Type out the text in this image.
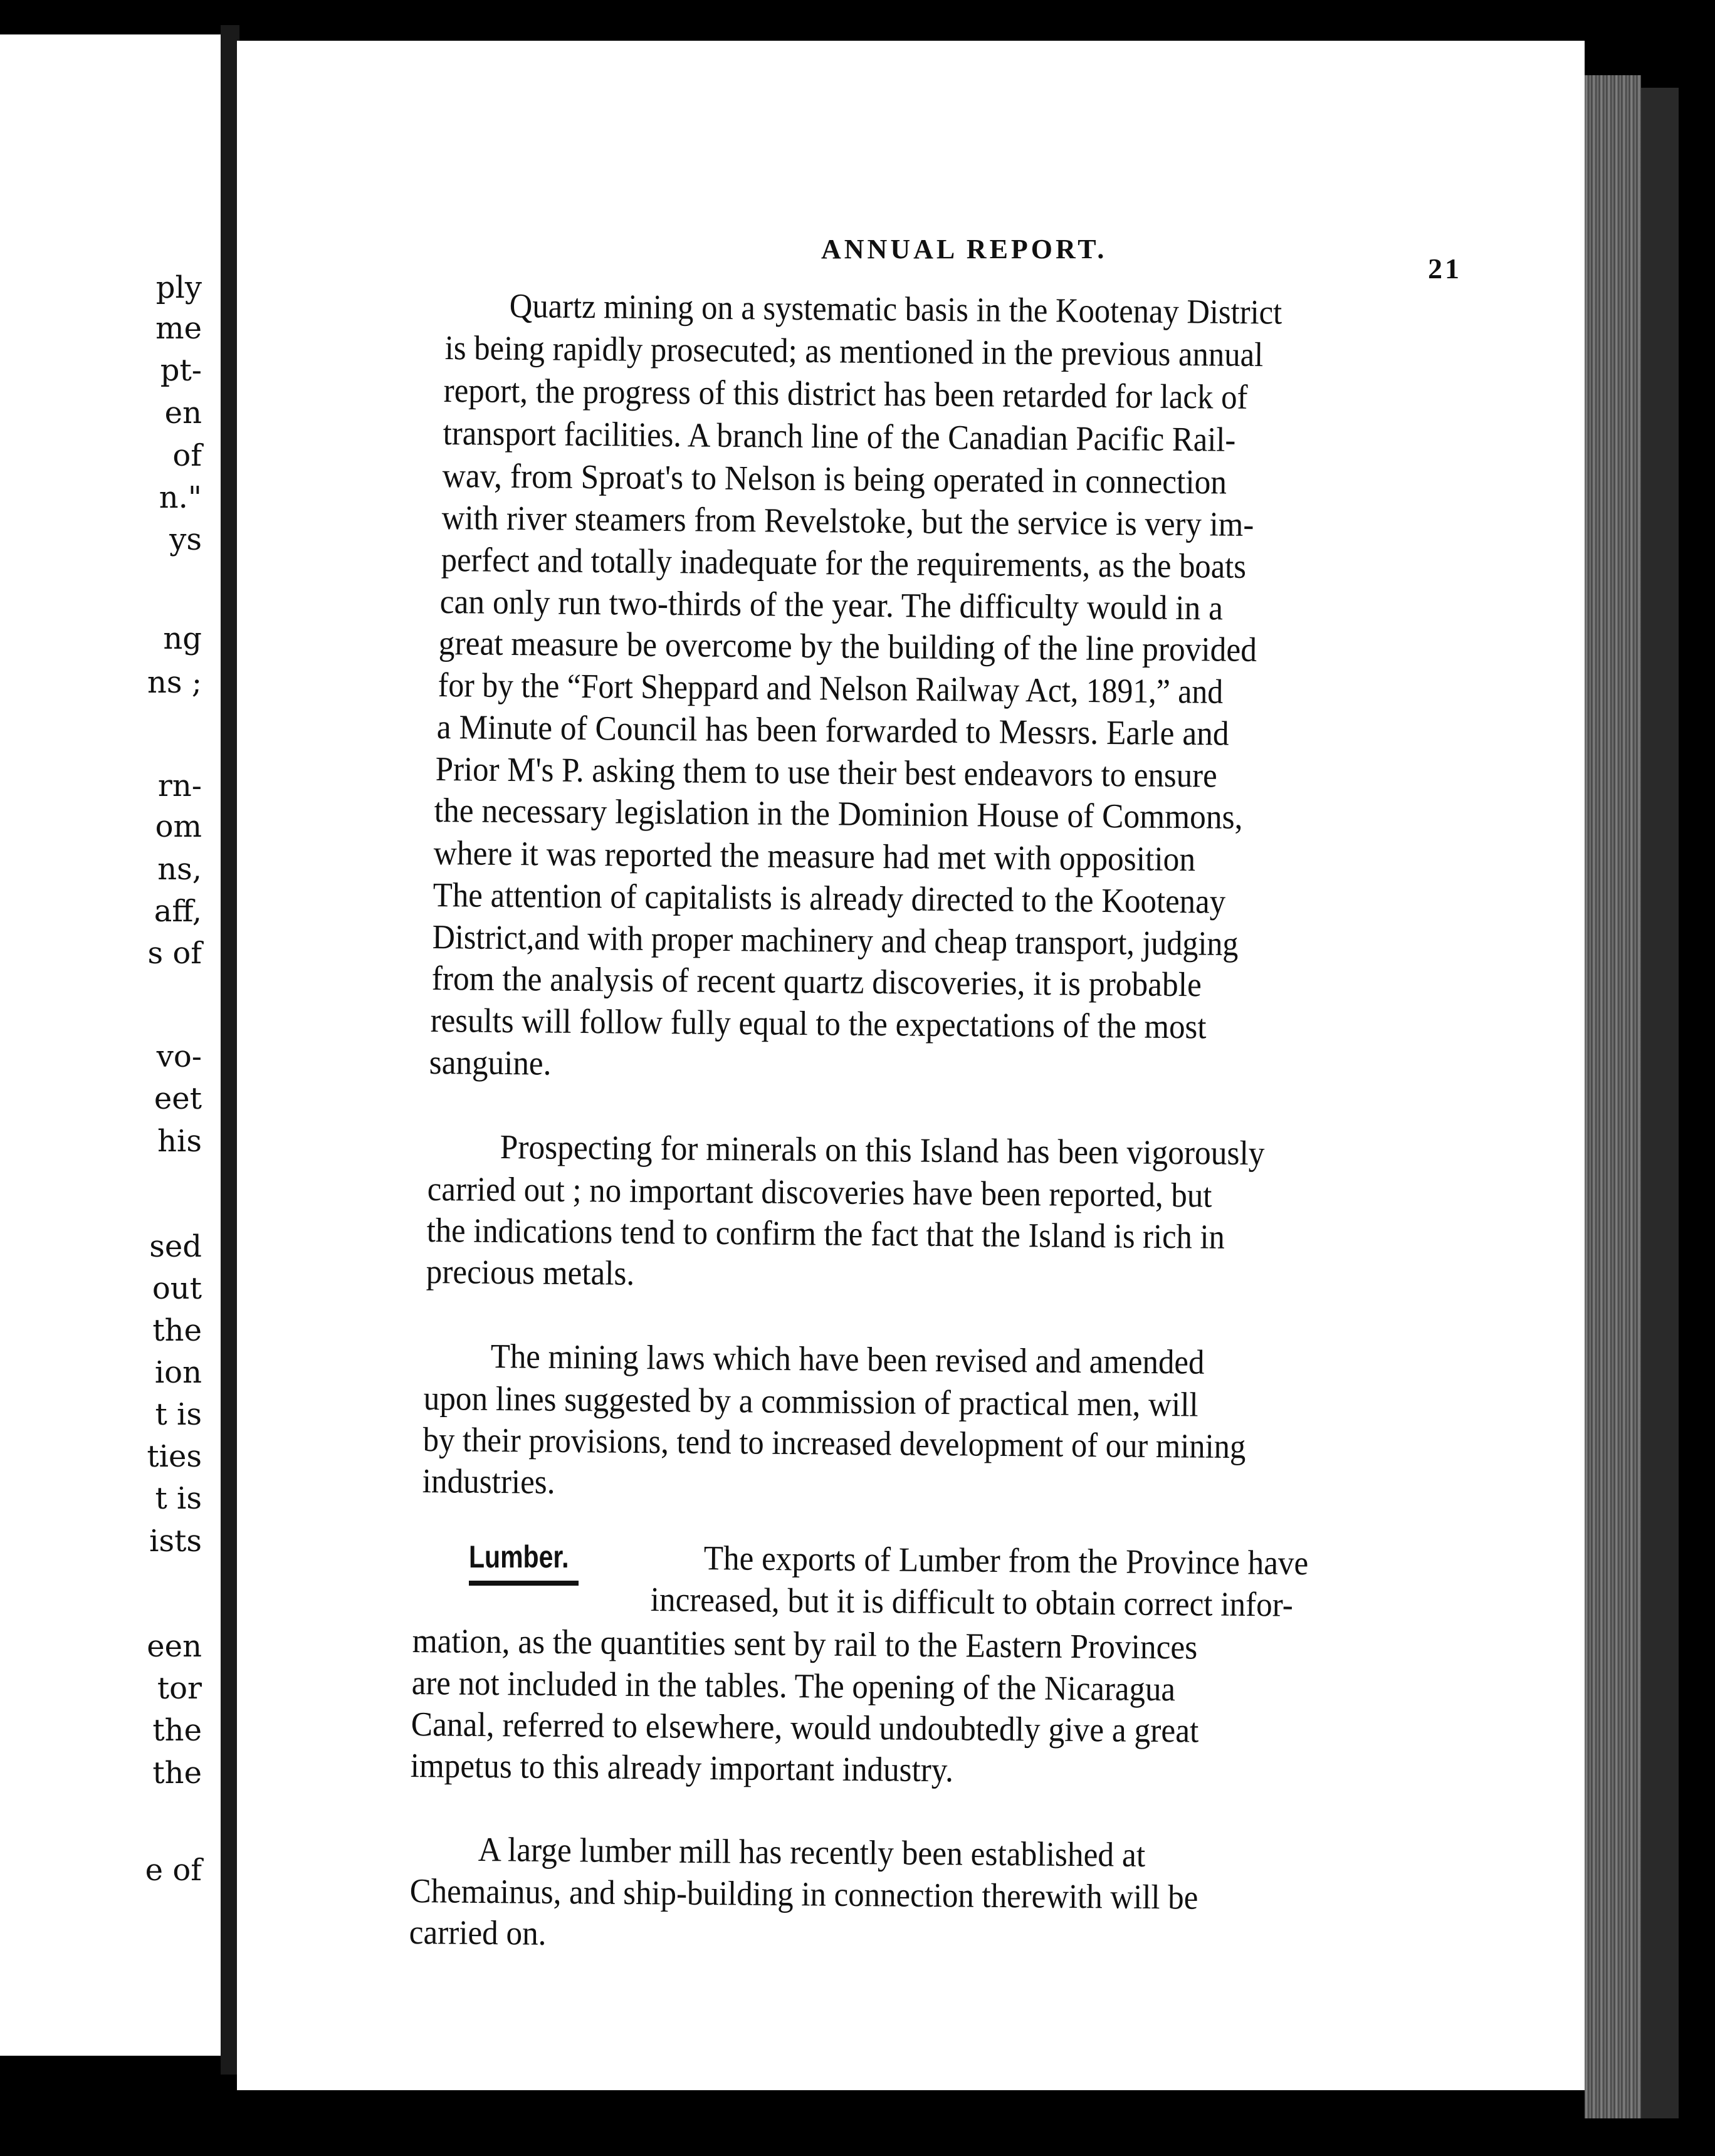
ply
me
pt-
en
of
n."
ys
ng
ns ;
rn-
om
ns,
aff,
s of
vo-
eet
his
sed
out
the
ion
t is
ties
t is
ists
een
tor
the
the
e of
ANNUAL REPORT.
21
Quartz mining on a systematic basis in the Kootenay District
is being rapidly prosecuted; as mentioned in the previous annual
report, the progress of this district has been retarded for lack of
transport facilities. A branch line of the Canadian Pacific Rail-
wav, from Sproat's to Nelson is being operated in connection
with river steamers from Revelstoke, but the service is very im-
perfect and totally inadequate for the requirements, as the boats
can only run two-thirds of the year. The difficulty would in a
great measure be overcome by the building of the line provided
for by the “Fort Sheppard and Nelson Railway Act, 1891,” and
a Minute of Council has been forwarded to Messrs. Earle and
Prior M's P. asking them to use their best endeavors to ensure
the necessary legislation in the Dominion House of Commons,
where it was reported the measure had met with opposition
The attention of capitalists is already directed to the Kootenay
District,and with proper machinery and cheap transport, judging
from the analysis of recent quartz discoveries, it is probable
results will follow fully equal to the expectations of the most
sanguine.
Prospecting for minerals on this Island has been vigorously
carried out ; no important discoveries have been reported, but
the indications tend to confirm the fact that the Island is rich in
precious metals.
The mining laws which have been revised and amended
upon lines suggested by a commission of practical men, will
by their provisions, tend to increased development of our mining
industries.
Lumber.	The exports of Lumber from the Province have
increased, but it is difficult to obtain correct infor-
mation, as the quantities sent by rail to the Eastern Provinces
are not included in the tables. The opening of the Nicaragua
Canal, referred to elsewhere, would undoubtedly give a great
impetus to this already important industry.
A large lumber mill has recently been established at
Chemainus, and ship-building in connection therewith will be
carried on.
